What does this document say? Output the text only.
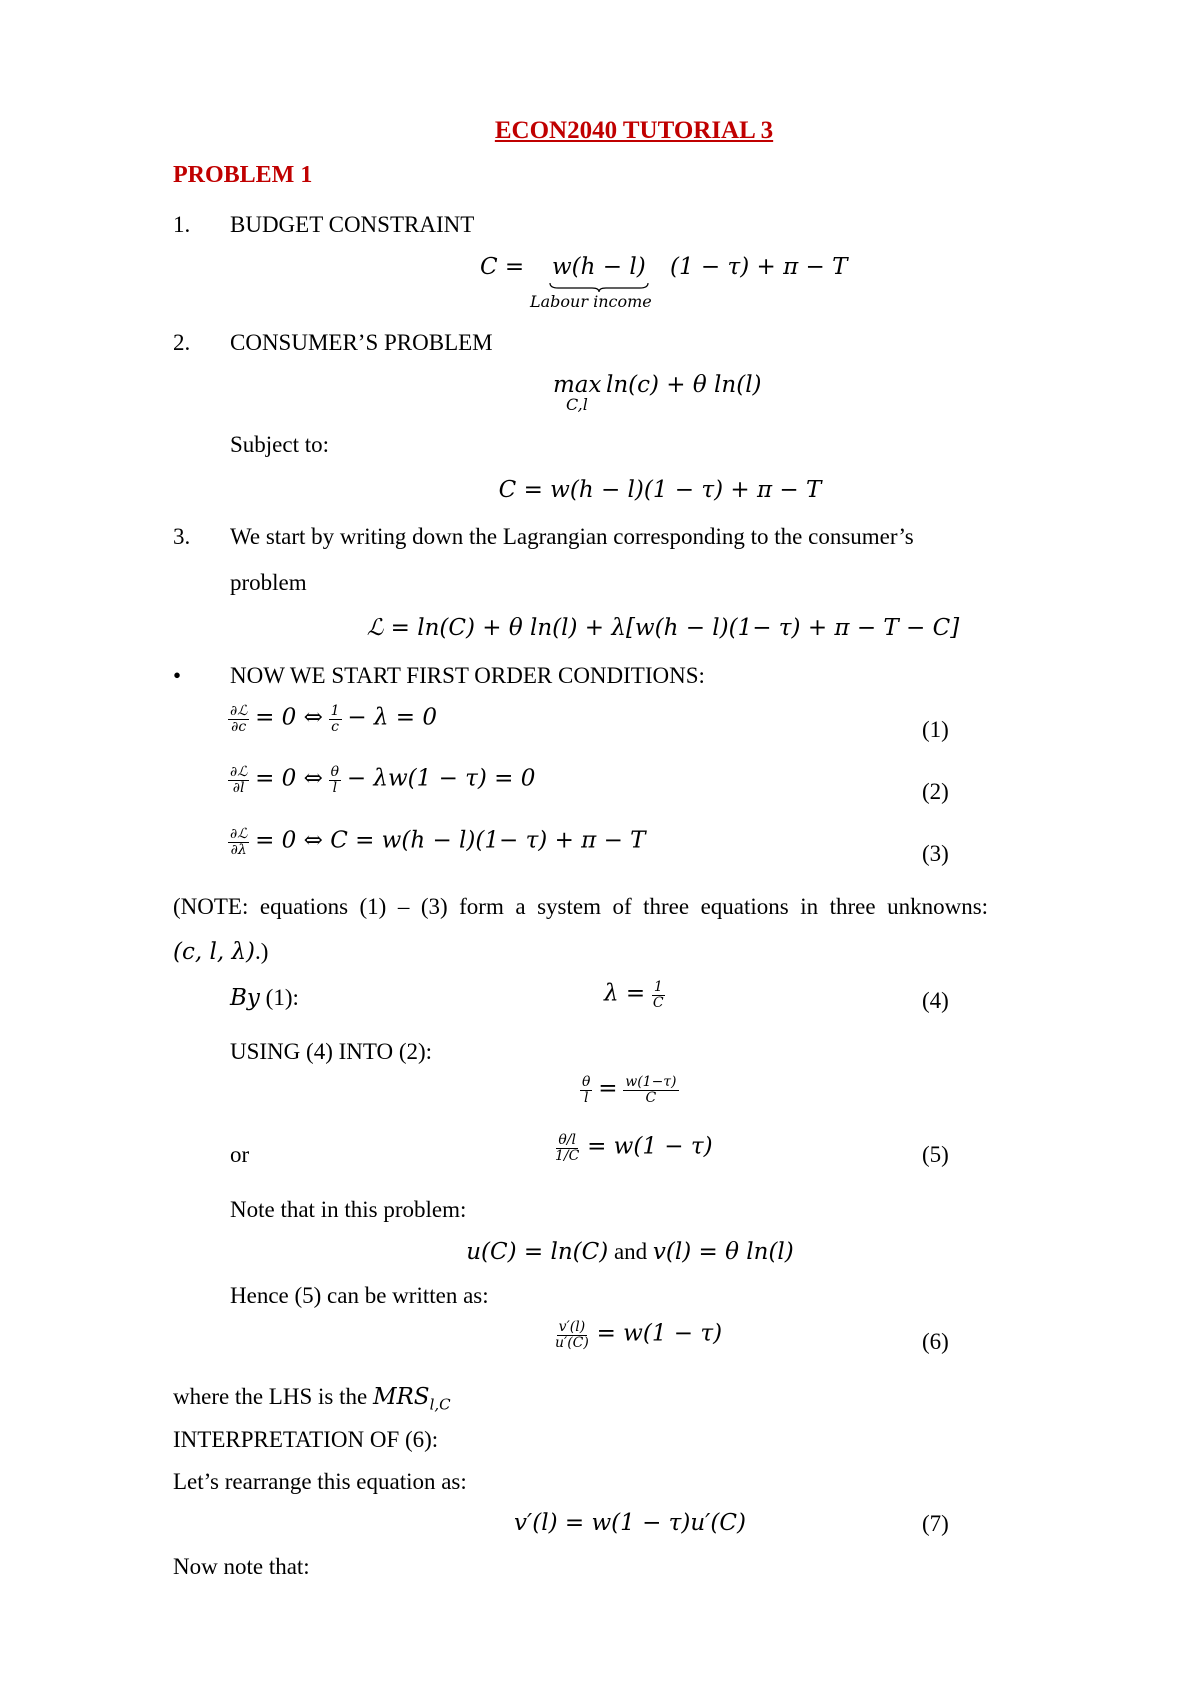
ECON2040 TUTORIAL 3
PROBLEM 1
1. BUDGET CONSTRAINT
C = w(h − l)
Labour income
(1 − τ) + π − T
2. CONSUMER’S PROBLEM
max
C,l
ln(c) + θ ln(l)
Subject to:
C = w(h − l)(1 − τ) + π − T
3. We start by writing down the Lagrangian corresponding to the consumer’s
problem
ℒ = ln(C) + θ ln(l) + λ[w(h − l)(1− τ) + π − T − C]
• NOW WE START FIRST ORDER CONDITIONS:
$\frac{\text{∂ℒ}}{\partial c} = 0$ ⇔ $\frac{1}{c} - \lambda = 0$	(1)
$\frac{\text{∂ℒ}}{\partial l} = 0$ ⇔ $\frac{\theta}{l} - \lambda w(1 - \tau) = 0$
(2)
$\frac{\text{∂ℒ}}{\partial\lambda} = 0$ ⇔ C = w(h − l)(1− τ) + π − T
(3)
(NOTE:  equations  (1)  –  (3)  form  a  system  of  three  equations  in  three  unknowns:
(c, l, λ).)
By (1):	$\lambda = \frac{1}{C}$	(4)
USING (4) INTO (2):
$\frac{\theta}{l} = \frac{w(1-\tau)}{C}$
or	$\frac{\theta/l}{1/C} = w(1 - \tau)$	(5)
Note that in this problem:
u(C) = ln(C) and v(l) = θ ln(l)
Hence (5) can be written as:
$\frac{v'(l)}{u'(C)} = w(1 - \tau)$	(6)
where the LHS is the $MRS_{l,C}$
INTERPRETATION OF (6):
Let’s rearrange this equation as:
v′(l) = w(1 − τ)u′(C)	(7)
Now note that:
